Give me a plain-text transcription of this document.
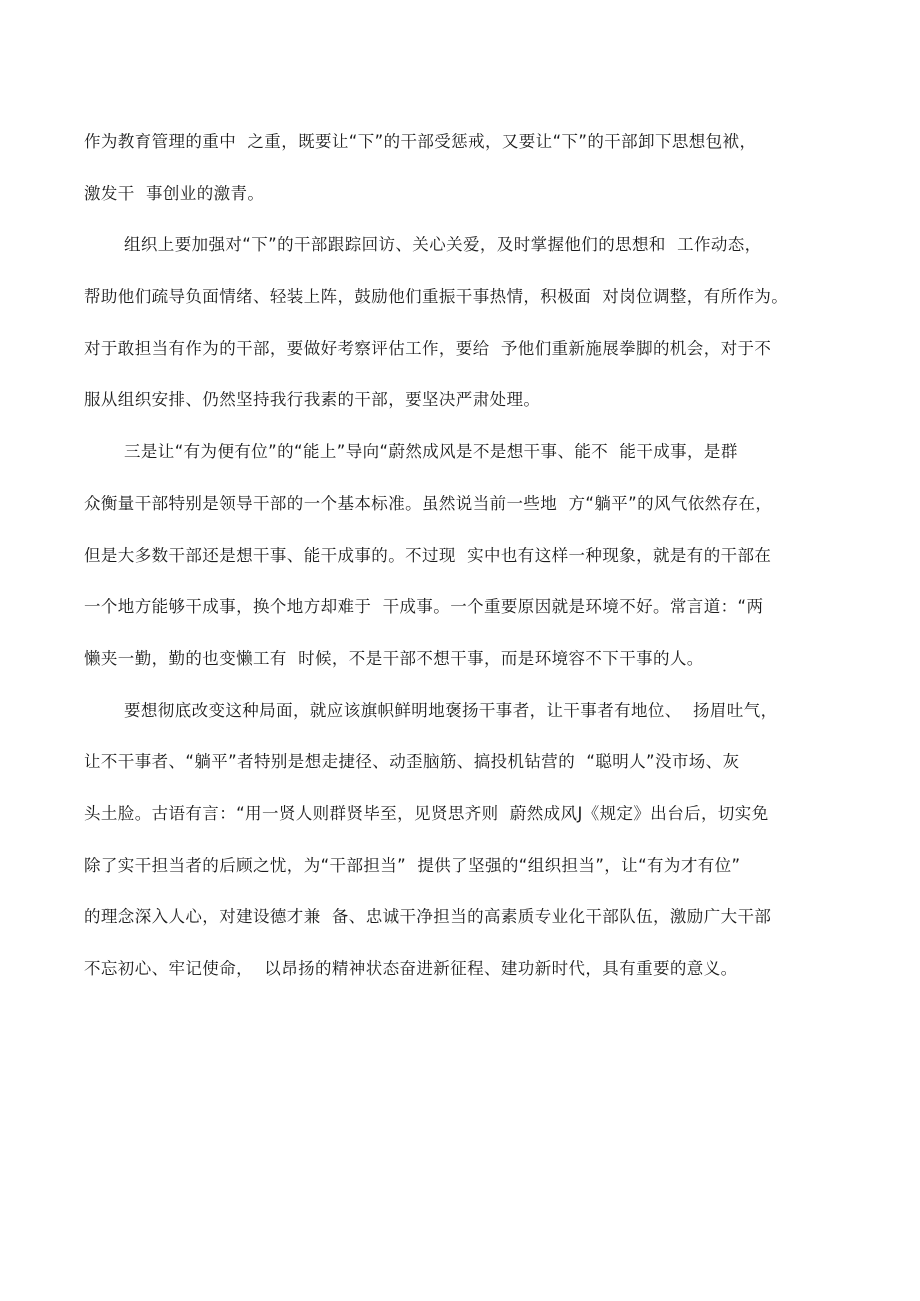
作为教育管理的重中  之重，既要让“下”的干部受惩戒，又要让“下”的干部卸下思想包袱，
激发干  事创业的激青。
组织上要加强对“下”的干部跟踪回访、关心关爱，及时掌握他们的思想和  工作动态，
帮助他们疏导负面情绪、轻装上阵，鼓励他们重振干事热情，积极面  对岗位调整，有所作为。
对于敢担当有作为的干部，要做好考察评估工作，要给  予他们重新施展拳脚的机会，对于不
服从组织安排、仍然坚持我行我素的干部，要坚决严肃处理。
三是让“有为便有位”的“能上”导向“蔚然成风是不是想干事、能不  能干成事，是群
众衡量干部特别是领导干部的一个基本标准。虽然说当前一些地  方“躺平”的风气依然存在，
但是大多数干部还是想干事、能干成事的。不过现  实中也有这样一种现象，就是有的干部在
一个地方能够干成事，换个地方却难于  干成事。一个重要原因就是环境不好。常言道：“两
懒夹一勤，勤的也变懒工有  时候，不是干部不想干事，而是环境容不下干事的人。
要想彻底改变这种局面，就应该旗帜鲜明地褒扬干事者，让干事者有地位、  扬眉吐气，
让不干事者、“躺平”者特别是想走捷径、动歪脑筋、搞投机钻营的  “聪明人”没市场、灰
头土脸。古语有言：“用一贤人则群贤毕至，见贤思齐则  蔚然成风J《规定》出台后，切实免
除了实干担当者的后顾之忧，为“干部担当”  提供了坚强的“组织担当”，让“有为才有位”
的理念深入人心，对建设德才兼  备、忠诚干净担当的高素质专业化干部队伍，激励广大干部
不忘初心、牢记使命，  以昂扬的精神状态奋进新征程、建功新时代，具有重要的意义。
